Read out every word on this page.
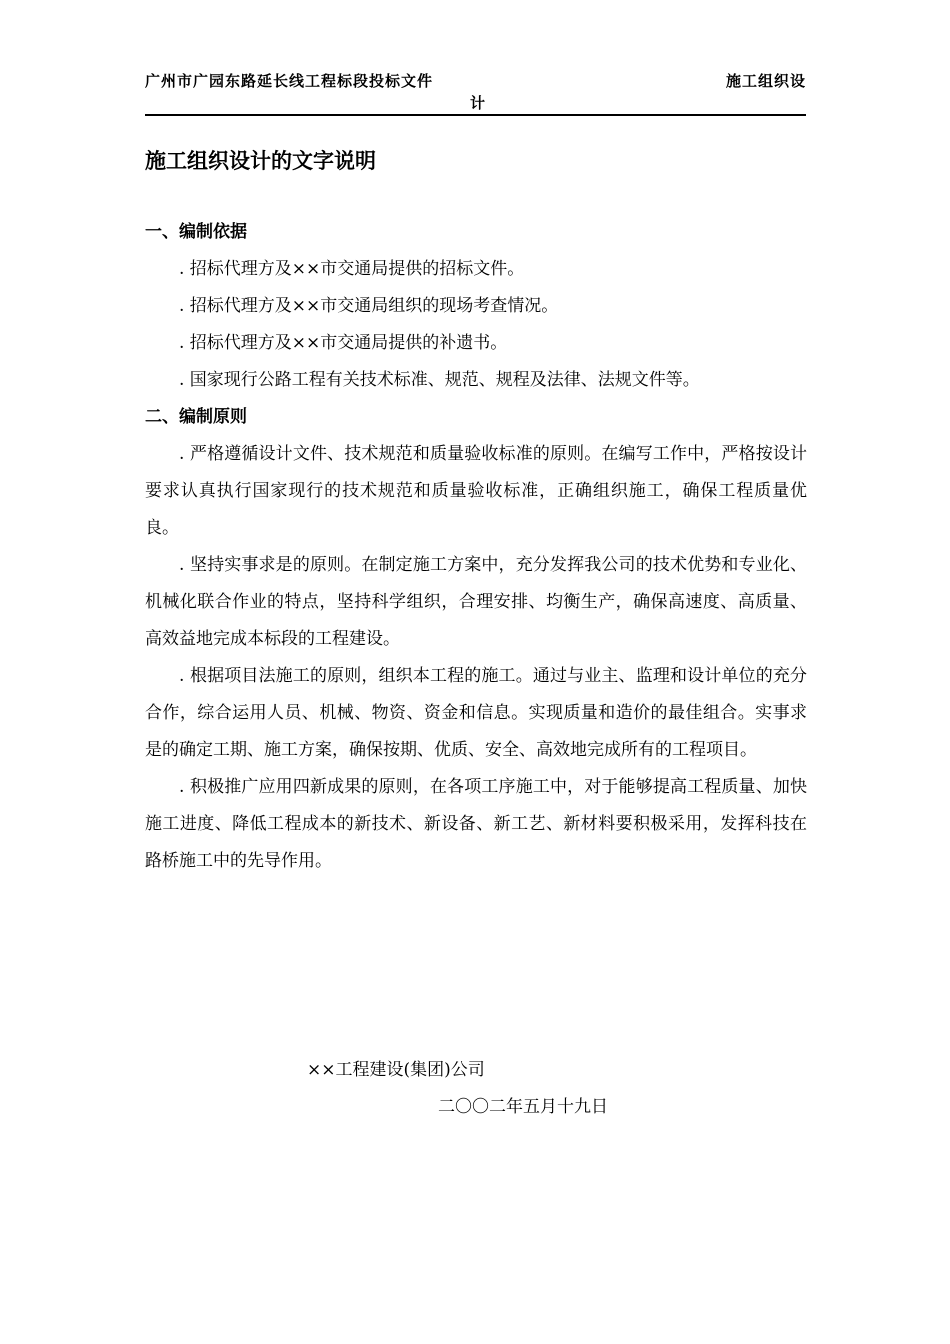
广州市广园东路延长线工程标段投标文件	施工组织设
计
施工组织设计的文字说明
一、编制依据

. 招标代理方及××市交通局提供的招标文件。

. 招标代理方及××市交通局组织的现场考查情况。

. 招标代理方及××市交通局提供的补遗书。

. 国家现行公路工程有关技术标准、规范、规程及法律、法规文件等。

二、编制原则

. 严格遵循设计文件、技术规范和质量验收标准的原则。在编写工作中，严格按设计要求认真执行国家现行的技术规范和质量验收标准，正确组织施工，确保工程质量优良。

. 坚持实事求是的原则。在制定施工方案中，充分发挥我公司的技术优势和专业化、机械化联合作业的特点，坚持科学组织，合理安排、均衡生产，确保高速度、高质量、高效益地完成本标段的工程建设。

. 根据项目法施工的原则，组织本工程的施工。通过与业主、监理和设计单位的充分合作，综合运用人员、机械、物资、资金和信息。实现质量和造价的最佳组合。实事求是的确定工期、施工方案，确保按期、优质、安全、高效地完成所有的工程项目。

. 积极推广应用四新成果的原则，在各项工序施工中，对于能够提高工程质量、加快施工进度、降低工程成本的新技术、新设备、新工艺、新材料要积极采用，发挥科技在路桥施工中的先导作用。

××工程建设(集团)公司
二〇〇二年五月十九日
